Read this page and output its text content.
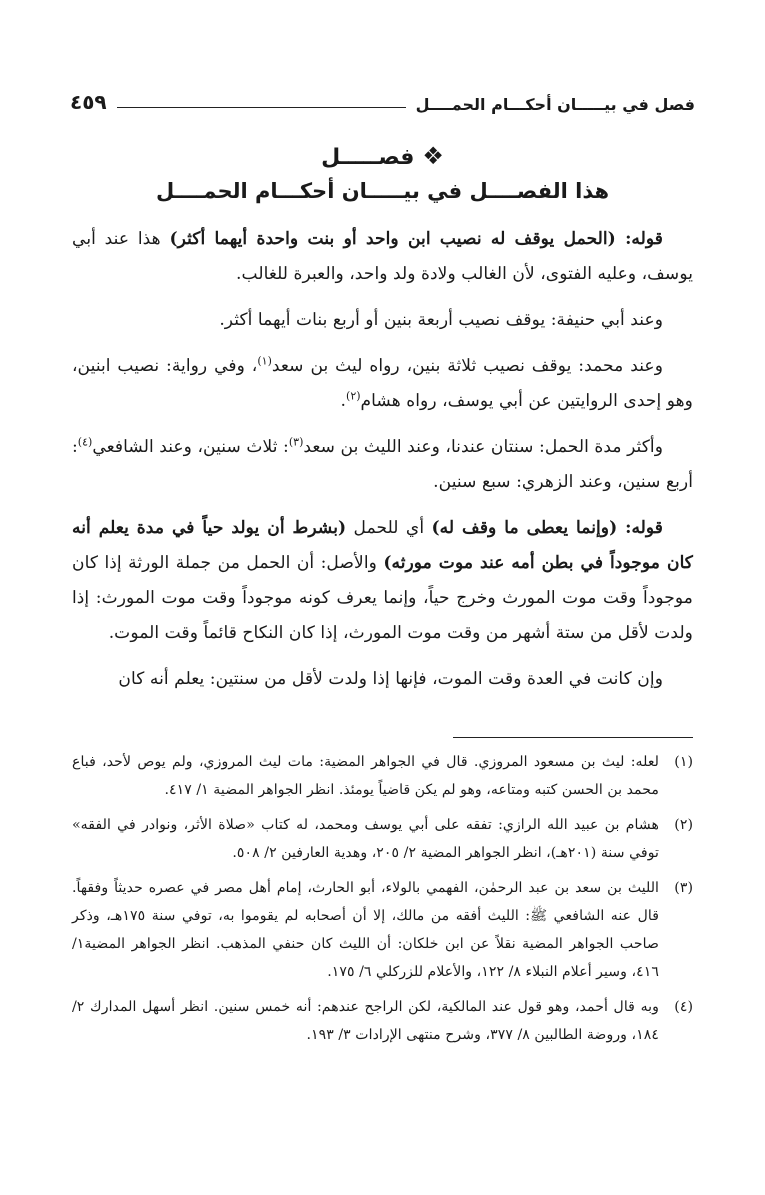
فصل في بيـــــان أحكـــام الحمــــل
٤٥٩
❖فصـــــل
هذا الفصــــل في بيـــــان أحكـــام الحمــــل

قوله: (الحمل يوقف له نصيب ابن واحد أو بنت واحدة أيهما أكثر) هذا عند أبي يوسف، وعليه الفتوى، لأن الغالب ولادة ولد واحد، والعبرة للغالب.

وعند أبي حنيفة: يوقف نصيب أربعة بنين أو أربع بنات أيهما أكثر.

وعند محمد: يوقف نصيب ثلاثة بنين، رواه ليث بن سعد$^{(١)}$، وفي رواية: نصيب ابنين، وهو إحدى الروايتين عن أبي يوسف، رواه هشام$^{(٢)}$.

وأكثر مدة الحمل: سنتان عندنا، وعند الليث بن سعد$^{(٣)}$: ثلاث سنين، وعند الشافعي$^{(٤)}$: أربع سنين، وعند الزهري: سبع سنين.

قوله: (وإنما يعطى ما وقف له) أي للحمل (بشرط أن يولد حياً في مدة يعلم أنه كان موجوداً في بطن أمه عند موت مورثه) والأصل: أن الحمل من جملة الورثة إذا كان موجوداً وقت موت المورث وخرج حياً، وإنما يعرف كونه موجوداً وقت موت المورث: إذا ولدت لأقل من ستة أشهر من وقت موت المورث، إذا كان النكاح قائماً وقت الموت.

وإن كانت في العدة وقت الموت، فإنها إذا ولدت لأقل من سنتين: يعلم أنه كان

(١)
لعله: ليث بن مسعود المروزي. قال في الجواهر المضية: مات ليث المروزي، ولم يوص لأحد، فباع محمد بن الحسن كتبه ومتاعه، وهو لم يكن قاضياً يومئذ. انظر الجواهر المضية ١/ ٤١٧.
(٢)
هشام بن عبيد الله الرازي: تفقه على أبي يوسف ومحمد، له كتاب «صلاة الأثر، ونوادر في الفقه» توفي سنة (٢٠١هـ)، انظر الجواهر المضية ٢/ ٢٠٥، وهدية العارفين ٢/ ٥٠٨.
(٣)
الليث بن سعد بن عبد الرحمٰن، الفهمي بالولاء، أبو الحارث، إمام أهل مصر في عصره حديثاً وفقهاً. قال عنه الشافعي ﷺ: الليث أفقه من مالك، إلا أن أصحابه لم يقوموا به، توفي سنة ١٧٥هـ، وذكر صاحب الجواهر المضية نقلاً عن ابن خلكان: أن الليث كان حنفي المذهب. انظر الجواهر المضية١/ ٤١٦، وسير أعلام النبلاء ٨/ ١٢٢، والأعلام للزركلي ٦/ ١٧٥.
(٤)
وبه قال أحمد، وهو قول عند المالكية، لكن الراجح عندهم: أنه خمس سنين. انظر أسهل المدارك ٢/ ١٨٤، وروضة الطالبين ٨/ ٣٧٧، وشرح منتهى الإرادات ٣/ ١٩٣.
